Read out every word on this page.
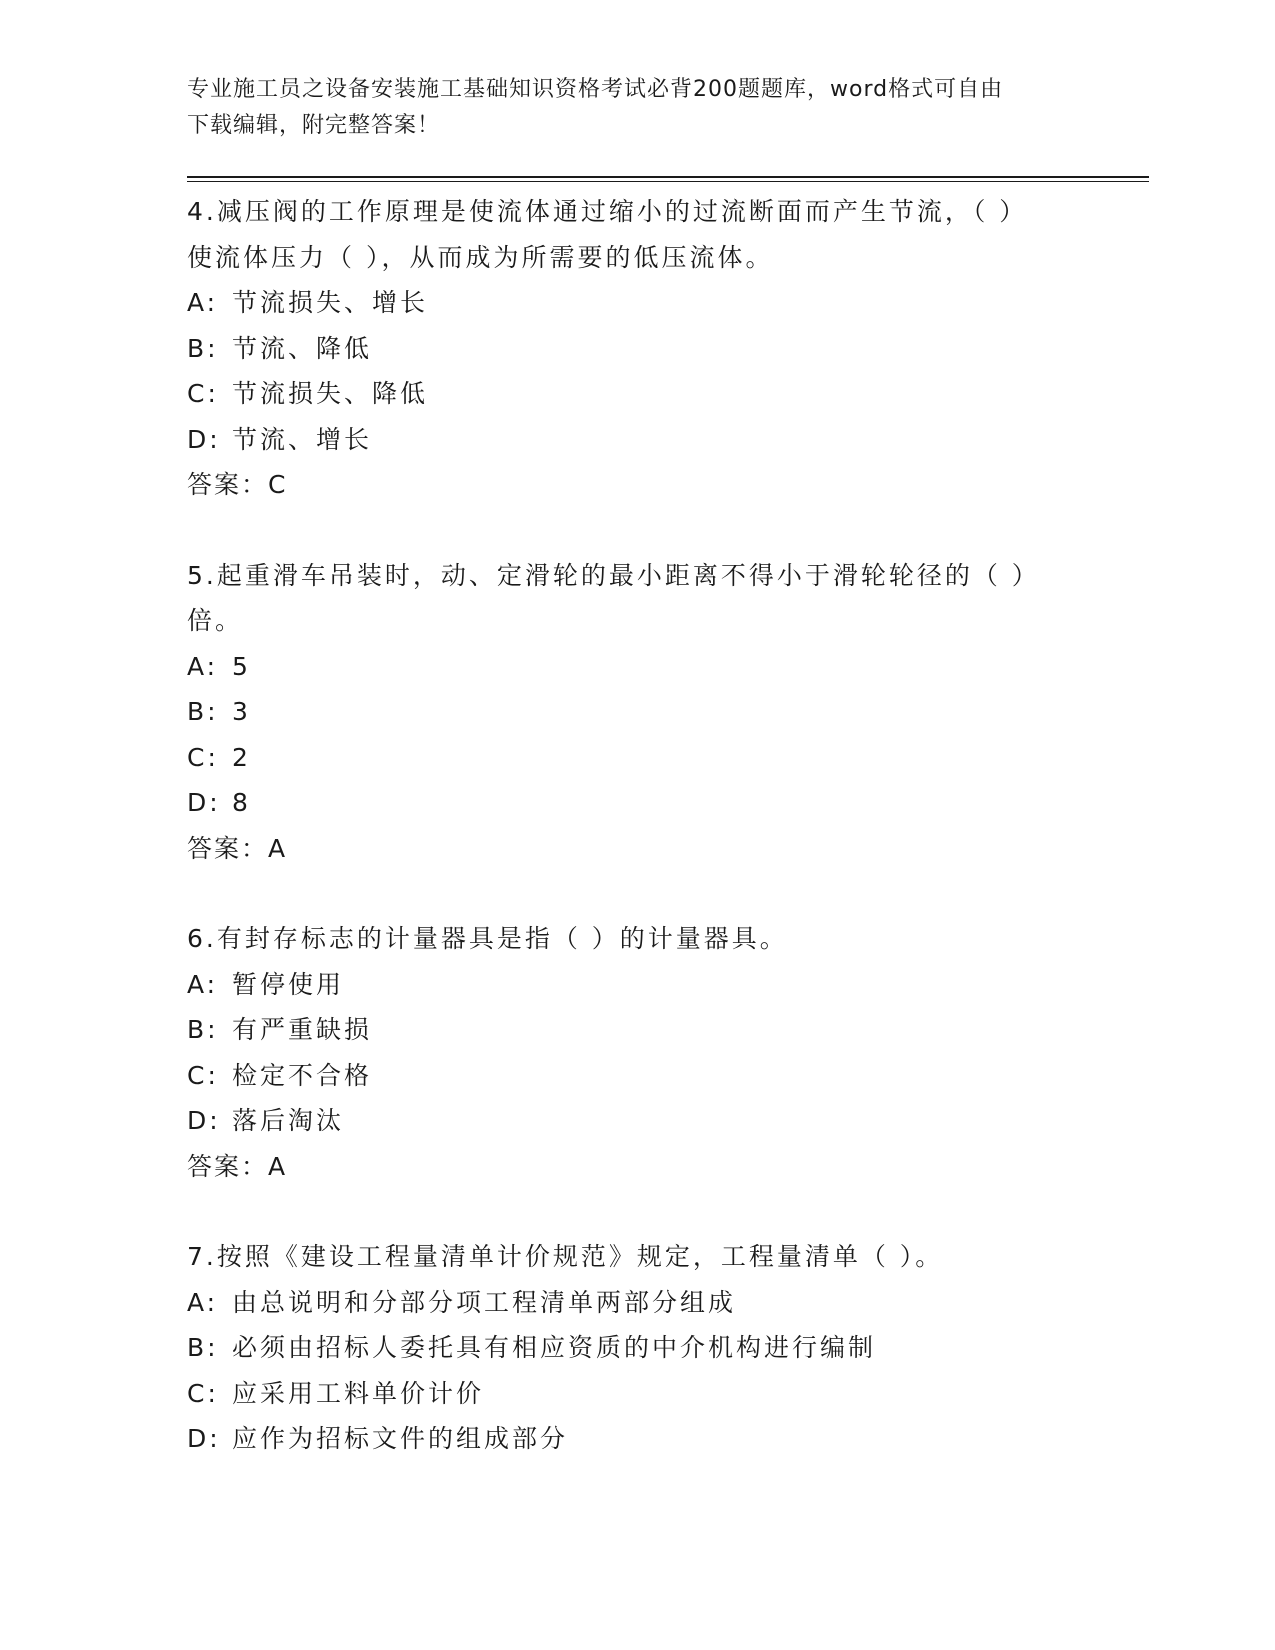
专业施工员之设备安装施工基础知识资格考试必背200题题库，word格式可自由
下载编辑，附完整答案！
4.减压阀的工作原理是使流体通过缩小的过流断面而产生节流，（ ）
使流体压力（ ），从而成为所需要的低压流体。
A: 节流损失、增长
B: 节流、降低
C: 节流损失、降低
D: 节流、增长
答案：C
5.起重滑车吊装时，动、定滑轮的最小距离不得小于滑轮轮径的（ ）
倍。
A: 5
B: 3
C: 2
D: 8
答案：A
6.有封存标志的计量器具是指（ ）的计量器具。
A: 暂停使用
B: 有严重缺损
C: 检定不合格
D: 落后淘汰
答案：A
7.按照《建设工程量清单计价规范》规定，工程量清单（ ）。
A: 由总说明和分部分项工程清单两部分组成
B: 必须由招标人委托具有相应资质的中介机构进行编制
C: 应采用工料单价计价
D: 应作为招标文件的组成部分
